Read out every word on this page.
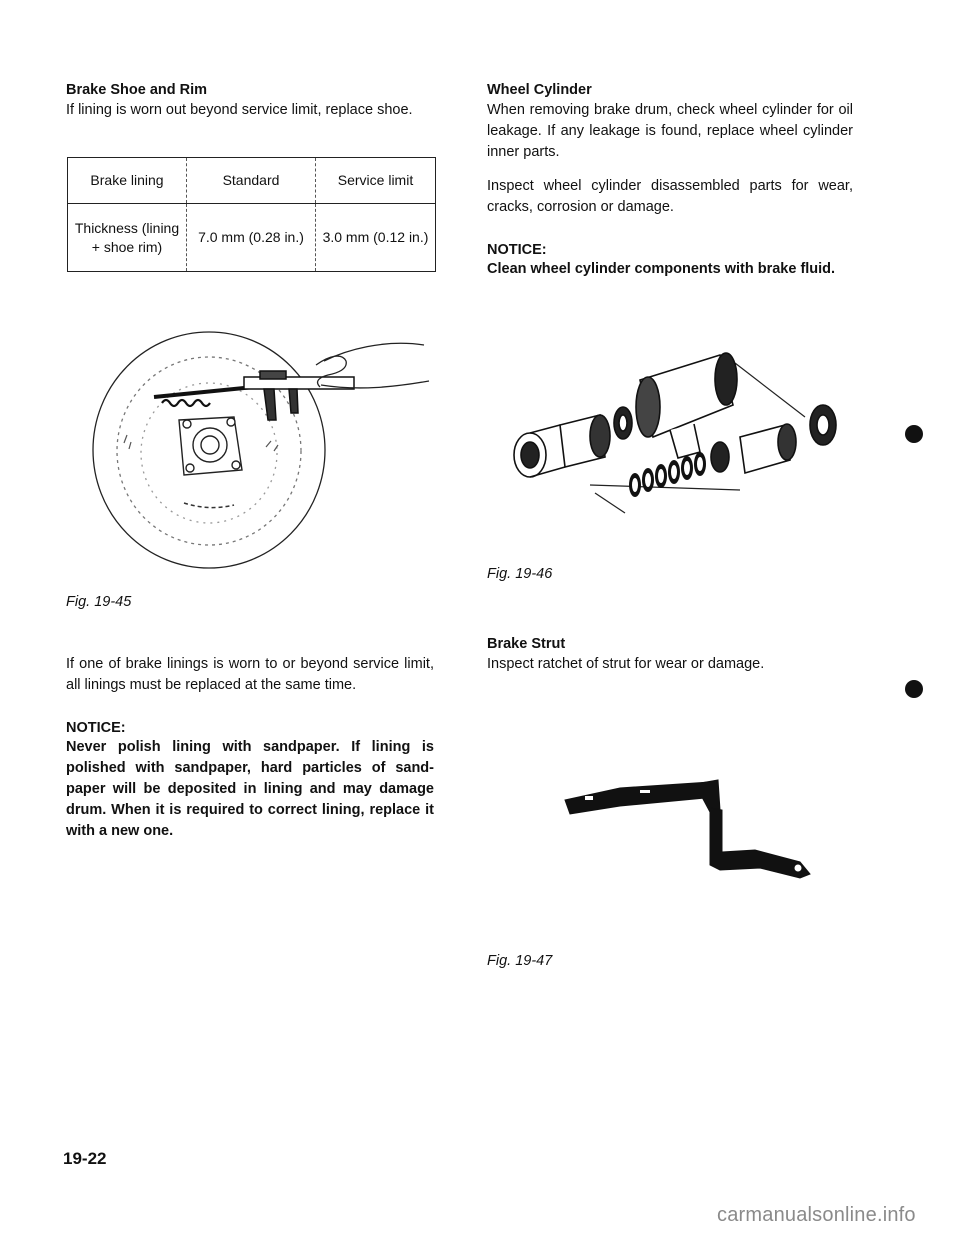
Brake Shoe and Rim
If lining is worn out beyond service limit, replace shoe.
Brake lining	Standard	Service limit
Thickness (lining + shoe rim)	7.0 mm (0.28 in.)	3.0 mm (0.12 in.)
Fig. 19-45
If one of brake linings is worn to or beyond service limit, all linings must be replaced at the same time.
NOTICE:
Never polish lining with sandpaper. If lining is polished with sandpaper, hard particles of sand-paper will be deposited in lining and may damage drum. When it is required to correct lining, replace it with a new one.
Wheel Cylinder
When removing brake drum, check wheel cylinder for oil leakage. If any leakage is found, replace wheel cylinder inner parts.
Inspect wheel cylinder disassembled parts for wear, cracks, corrosion or damage.
NOTICE:
Clean wheel cylinder components with brake fluid.
Fig. 19-46
Brake Strut
Inspect ratchet of strut for wear or damage.
Fig. 19-47
19-22
carmanualsonline.info
